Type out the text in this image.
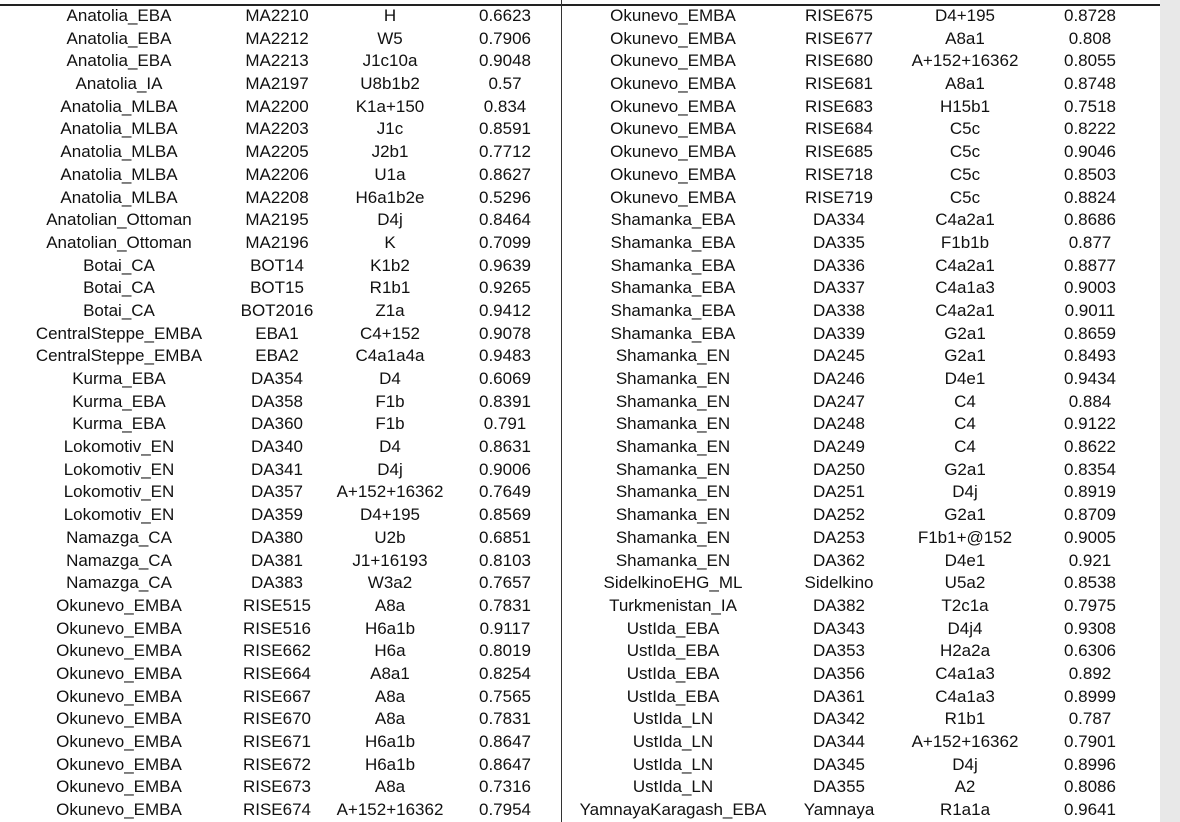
Anatolia_EBA	MA2210	H	0.6623
Anatolia_EBA	MA2212	W5	0.7906
Anatolia_EBA	MA2213	J1c10a	0.9048
Anatolia_IA	MA2197	U8b1b2	0.57
Anatolia_MLBA	MA2200	K1a+150	0.834
Anatolia_MLBA	MA2203	J1c	0.8591
Anatolia_MLBA	MA2205	J2b1	0.7712
Anatolia_MLBA	MA2206	U1a	0.8627
Anatolia_MLBA	MA2208	H6a1b2e	0.5296
Anatolian_Ottoman	MA2195	D4j	0.8464
Anatolian_Ottoman	MA2196	K	0.7099
Botai_CA	BOT14	K1b2	0.9639
Botai_CA	BOT15	R1b1	0.9265
Botai_CA	BOT2016	Z1a	0.9412
CentralSteppe_EMBA	EBA1	C4+152	0.9078
CentralSteppe_EMBA	EBA2	C4a1a4a	0.9483
Kurma_EBA	DA354	D4	0.6069
Kurma_EBA	DA358	F1b	0.8391
Kurma_EBA	DA360	F1b	0.791
Lokomotiv_EN	DA340	D4	0.8631
Lokomotiv_EN	DA341	D4j	0.9006
Lokomotiv_EN	DA357	A+152+16362	0.7649
Lokomotiv_EN	DA359	D4+195	0.8569
Namazga_CA	DA380	U2b	0.6851
Namazga_CA	DA381	J1+16193	0.8103
Namazga_CA	DA383	W3a2	0.7657
Okunevo_EMBA	RISE515	A8a	0.7831
Okunevo_EMBA	RISE516	H6a1b	0.9117
Okunevo_EMBA	RISE662	H6a	0.8019
Okunevo_EMBA	RISE664	A8a1	0.8254
Okunevo_EMBA	RISE667	A8a	0.7565
Okunevo_EMBA	RISE670	A8a	0.7831
Okunevo_EMBA	RISE671	H6a1b	0.8647
Okunevo_EMBA	RISE672	H6a1b	0.8647
Okunevo_EMBA	RISE673	A8a	0.7316
Okunevo_EMBA	RISE674	A+152+16362	0.7954
Okunevo_EMBA	RISE675	D4+195	0.8728
Okunevo_EMBA	RISE677	A8a1	0.808
Okunevo_EMBA	RISE680	A+152+16362	0.8055
Okunevo_EMBA	RISE681	A8a1	0.8748
Okunevo_EMBA	RISE683	H15b1	0.7518
Okunevo_EMBA	RISE684	C5c	0.8222
Okunevo_EMBA	RISE685	C5c	0.9046
Okunevo_EMBA	RISE718	C5c	0.8503
Okunevo_EMBA	RISE719	C5c	0.8824
Shamanka_EBA	DA334	C4a2a1	0.8686
Shamanka_EBA	DA335	F1b1b	0.877
Shamanka_EBA	DA336	C4a2a1	0.8877
Shamanka_EBA	DA337	C4a1a3	0.9003
Shamanka_EBA	DA338	C4a2a1	0.9011
Shamanka_EBA	DA339	G2a1	0.8659
Shamanka_EN	DA245	G2a1	0.8493
Shamanka_EN	DA246	D4e1	0.9434
Shamanka_EN	DA247	C4	0.884
Shamanka_EN	DA248	C4	0.9122
Shamanka_EN	DA249	C4	0.8622
Shamanka_EN	DA250	G2a1	0.8354
Shamanka_EN	DA251	D4j	0.8919
Shamanka_EN	DA252	G2a1	0.8709
Shamanka_EN	DA253	F1b1+@152	0.9005
Shamanka_EN	DA362	D4e1	0.921
SidelkinoEHG_ML	Sidelkino	U5a2	0.8538
Turkmenistan_IA	DA382	T2c1a	0.7975
UstIda_EBA	DA343	D4j4	0.9308
UstIda_EBA	DA353	H2a2a	0.6306
UstIda_EBA	DA356	C4a1a3	0.892
UstIda_EBA	DA361	C4a1a3	0.8999
UstIda_LN	DA342	R1b1	0.787
UstIda_LN	DA344	A+152+16362	0.7901
UstIda_LN	DA345	D4j	0.8996
UstIda_LN	DA355	A2	0.8086
YamnayaKaragash_EBA	Yamnaya	R1a1a	0.9641
